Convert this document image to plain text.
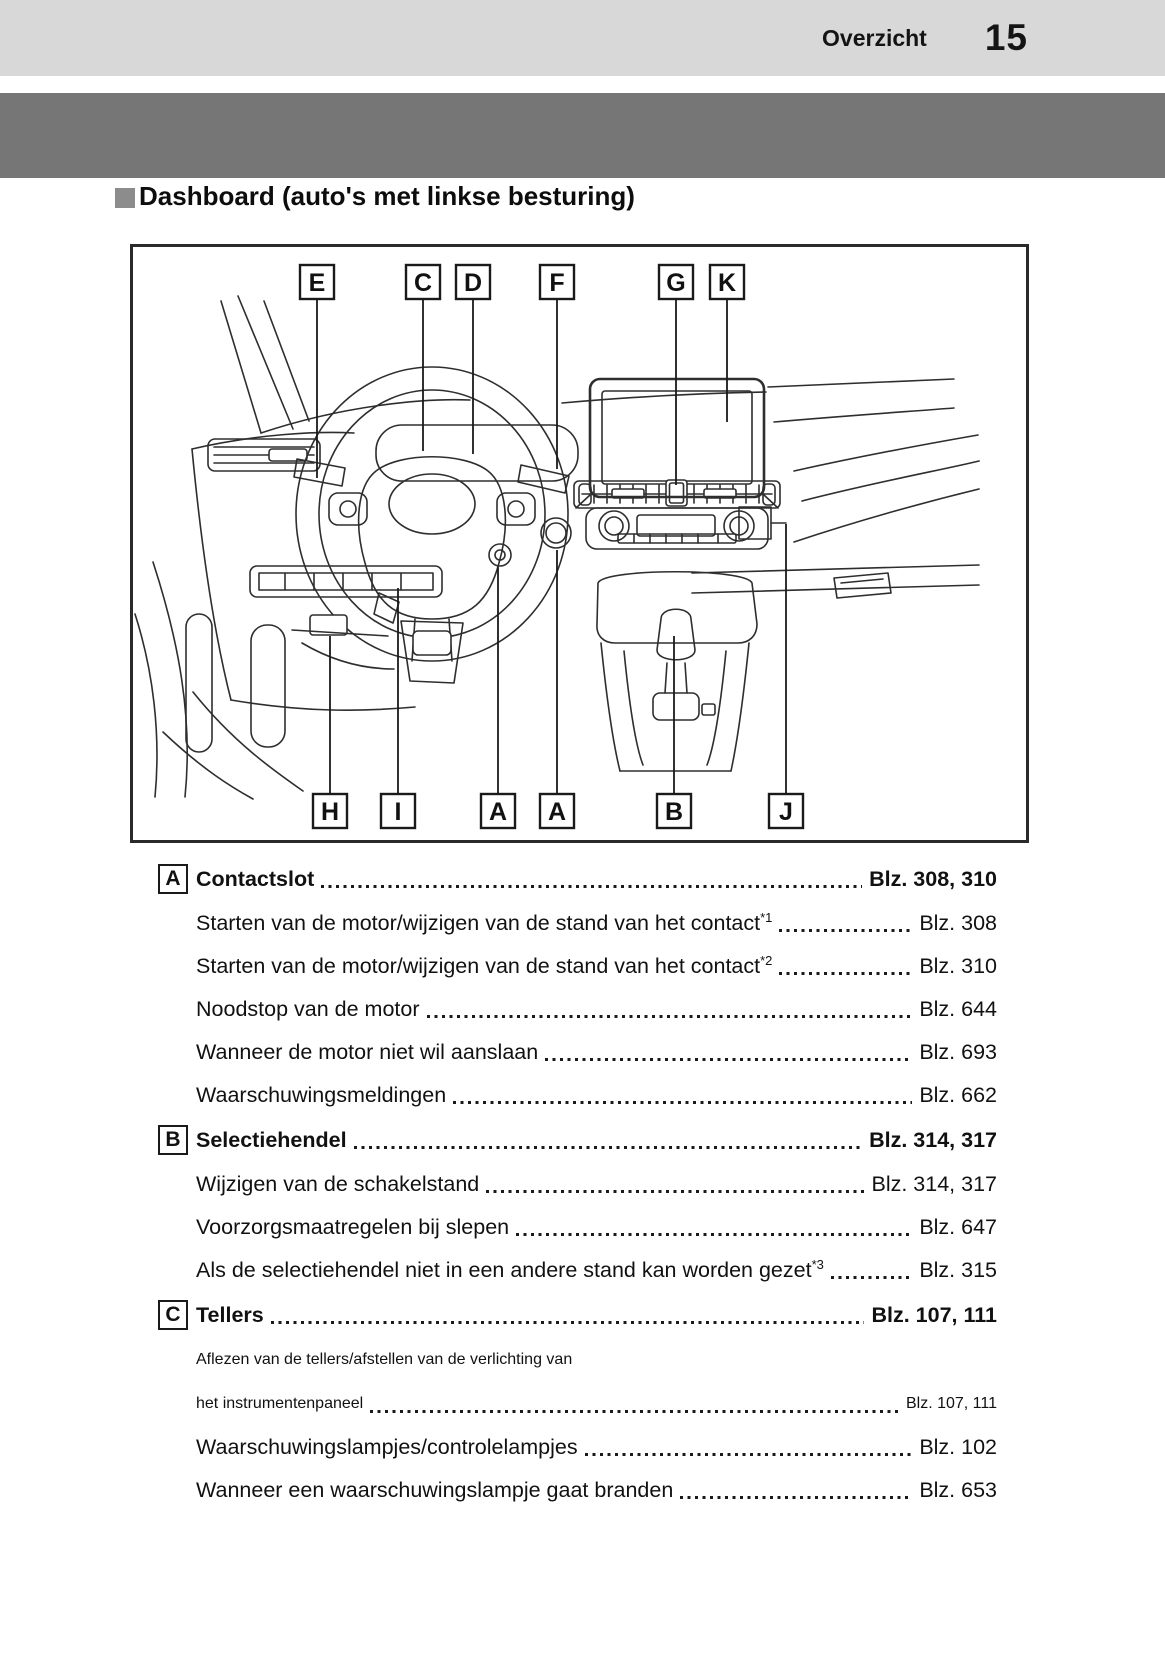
Overzicht 15
Dashboard (auto's met linkse besturing)
E	C D	F	G K
H I	A A	B	J
A Contactslot	Blz. 308, 310
Starten van de motor/wijzigen van de stand van het contact$^{*1}$	Blz. 308
Starten van de motor/wijzigen van de stand van het contact$^{*2}$	Blz. 310
Noodstop van de motor	Blz. 644
Wanneer de motor niet wil aanslaan	Blz. 693
Waarschuwingsmeldingen	Blz. 662
B Selectiehendel	Blz. 314, 317
Wijzigen van de schakelstand	Blz. 314, 317
Voorzorgsmaatregelen bij slepen	Blz. 647
Als de selectiehendel niet in een andere stand kan worden gezet$^{*3}$	Blz. 315
C Tellers	Blz. 107, 111
Aflezen van de tellers/afstellen van de verlichting van
het instrumentenpaneel	Blz. 107, 111
Waarschuwingslampjes/controlelampjes	Blz. 102
Wanneer een waarschuwingslampje gaat branden	Blz. 653
